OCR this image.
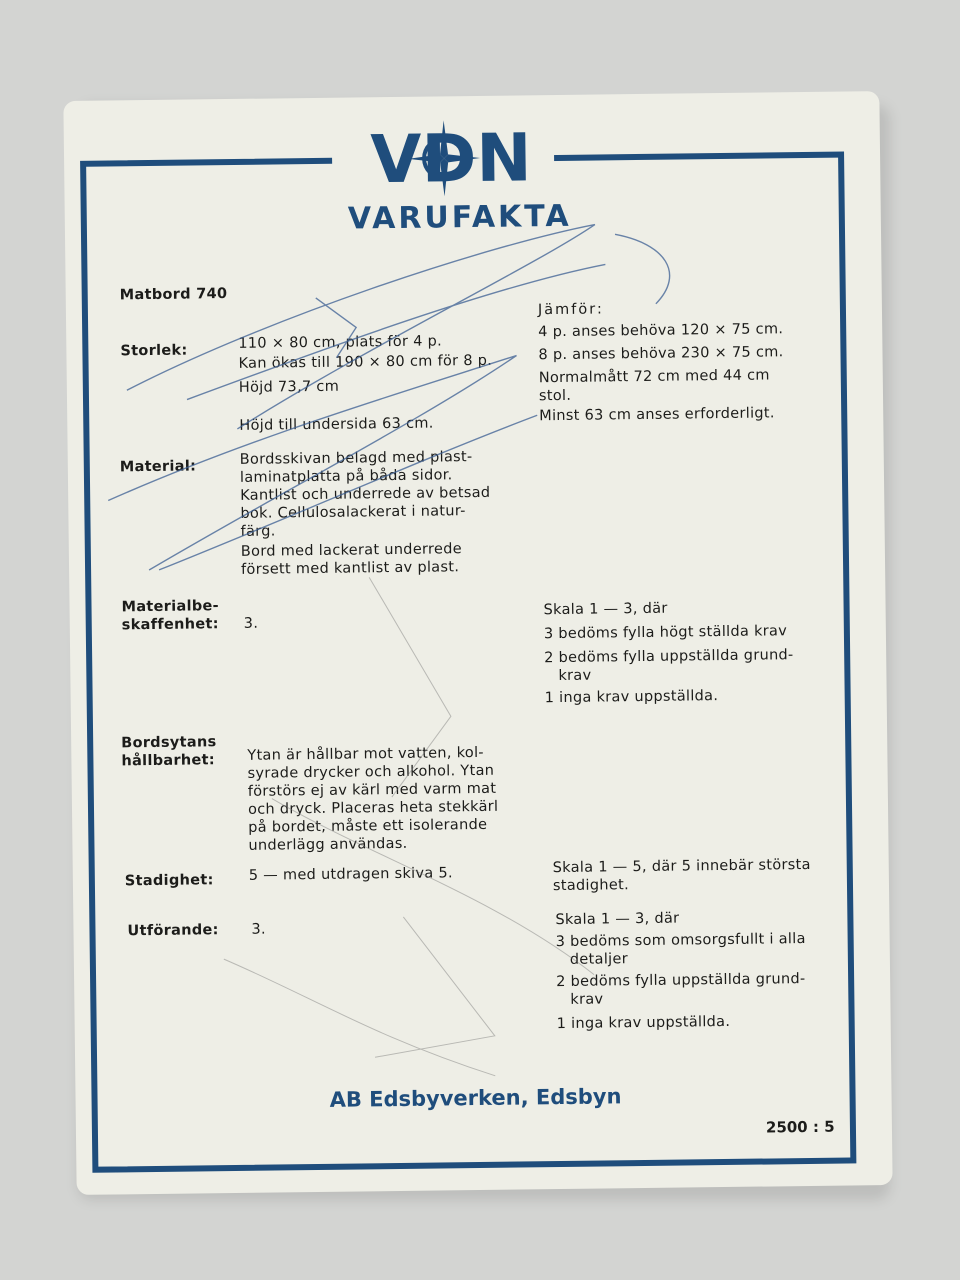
VDN
VARUFAKTA
Matbord 740
Storlek:	110 × 80 cm, plats för 4 p.
Kan ökas till 190 × 80 cm för 8 p.
Höjd 73,7 cm
Höjd till undersida 63 cm.
Jämför:
4 p. anses behöva 120 × 75 cm.
8 p. anses behöva 230 × 75 cm.
Normalmått 72 cm med 44 cm
stol.
Minst 63 cm anses erforderligt.
Material:	Bordsskivan belagd med plast-
laminatplatta på båda sidor.
Kantlist och underrede av betsad
bok. Cellulosalackerat i natur-
färg.
Bord med lackerat underrede
försett med kantlist av plast.
Materialbe-
skaffenhet: 3.
Skala 1 — 3, där
3 bedöms fylla högt ställda krav
2 bedöms fylla uppställda grund-
krav
1 inga krav uppställda.
Bordsytans
hållbarhet: Ytan är hållbar mot vatten, kol-
syrade drycker och alkohol. Ytan
förstörs ej av kärl med varm mat
och dryck. Placeras heta stekkärl
på bordet, måste ett isolerande
underlägg användas.
Stadighet: 5 — med utdragen skiva 5.	Skala 1 — 5, där 5 innebär största
stadighet.
Utförande: 3.
Skala 1 — 3, där
3 bedöms som omsorgsfullt i alla
detaljer
2 bedöms fylla uppställda grund-
krav
1 inga krav uppställda.
AB Edsbyverken, Edsbyn
2500 : 5
